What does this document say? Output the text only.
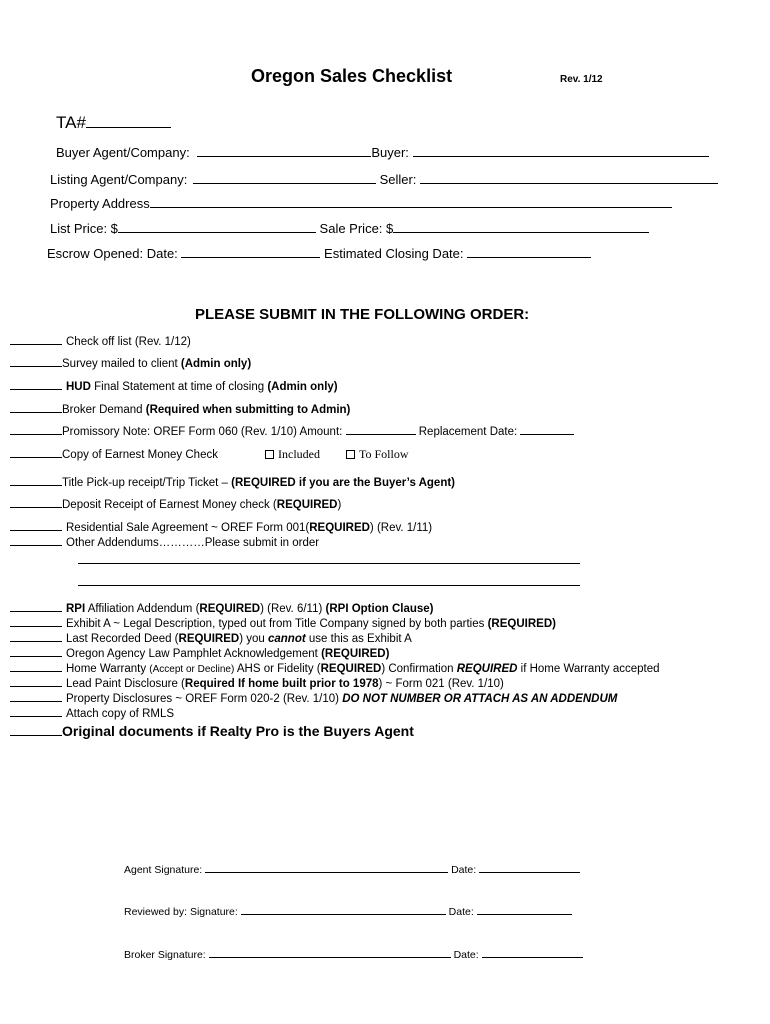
Oregon Sales Checklist	Rev. 1/12
TA#
Buyer Agent/Company:	Buyer:
Listing Agent/Company:	Seller:
Property Address
List Price: $	Sale Price: $
Escrow Opened: Date:	Estimated Closing Date:
PLEASE SUBMIT IN THE FOLLOWING ORDER:
Check off list (Rev. 1/12)
Survey mailed to client (Admin only)
HUD Final Statement at time of closing (Admin only)
Broker Demand (Required when submitting to Admin)
Promissory Note: OREF Form 060 (Rev. 1/10) Amount:	Replacement Date:
Copy of Earnest Money Check	Included	To Follow
Title Pick-up receipt/Trip Ticket – (REQUIRED if you are the Buyer’s Agent)
Deposit Receipt of Earnest Money check (REQUIRED)
Residential Sale Agreement ~ OREF Form 001(REQUIRED) (Rev. 1/11)
Other Addendums…………Please submit in order
RPI Affiliation Addendum (REQUIRED) (Rev. 6/11) (RPI Option Clause)
Exhibit A ~ Legal Description, typed out from Title Company signed by both parties (REQUIRED)
Last Recorded Deed (REQUIRED) you cannot use this as Exhibit A
Oregon Agency Law Pamphlet Acknowledgement (REQUIRED)
Home Warranty (Accept or Decline) AHS or Fidelity (REQUIRED) Confirmation REQUIRED if Home Warranty accepted
Lead Paint Disclosure (Required If home built prior to 1978) ~ Form 021 (Rev. 1/10)
Property Disclosures ~ OREF Form 020-2 (Rev. 1/10) DO NOT NUMBER OR ATTACH AS AN ADDENDUM
Attach copy of RMLS
Original documents if Realty Pro is the Buyers Agent
Agent Signature:	Date:
Reviewed by: Signature:	Date:
Broker Signature:	Date:
